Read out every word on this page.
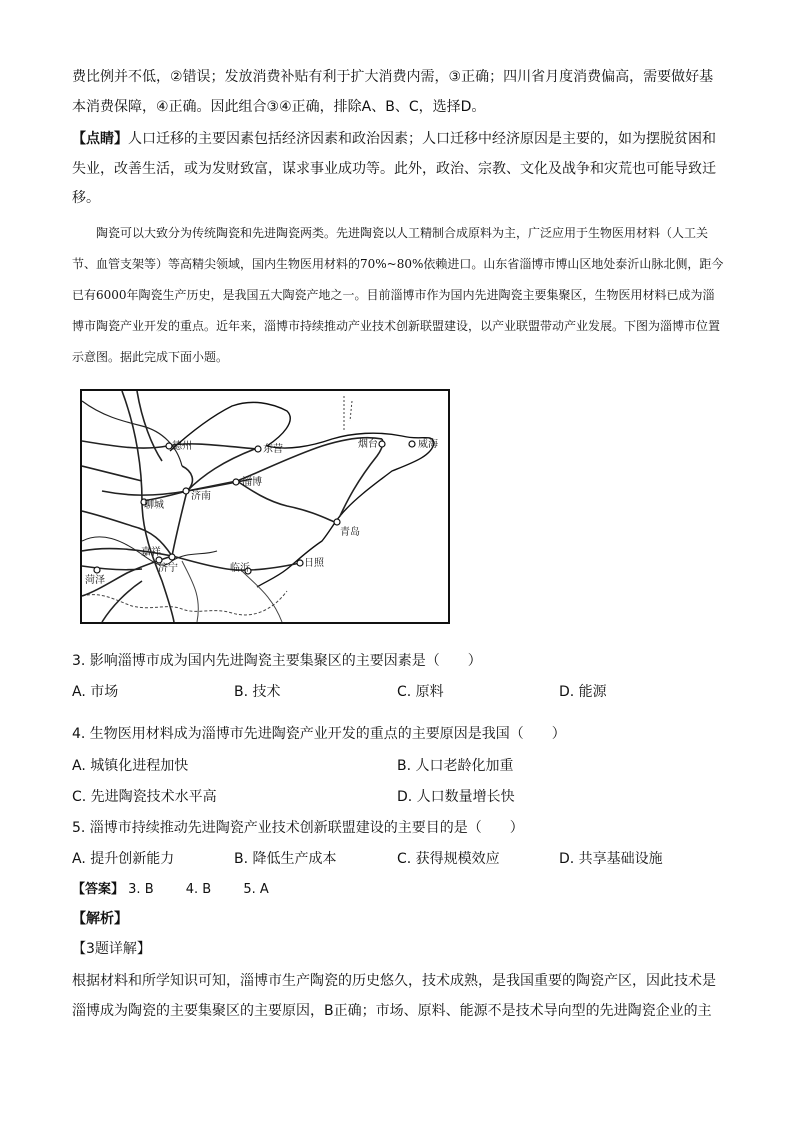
费比例并不低，②错误；发放消费补贴有利于扩大消费内需，③正确；四川省月度消费偏高，需要做好基本消费保障，④正确。因此组合③④正确，排除A、B、C，选择D。

【点睛】人口迁移的主要因素包括经济因素和政治因素；人口迁移中经济原因是主要的，如为摆脱贫困和失业，改善生活，或为发财致富，谋求事业成功等。此外，政治、宗教、文化及战争和灾荒也可能导致迁移。

陶瓷可以大致分为传统陶瓷和先进陶瓷两类。先进陶瓷以人工精制合成原料为主，广泛应用于生物医用材料（人工关节、血管支架等）等高精尖领域，国内生物医用材料的70%~80%依赖进口。山东省淄博市博山区地处泰沂山脉北侧，距今已有6000年陶瓷生产历史，是我国五大陶瓷产地之一。目前淄博市作为国内先进陶瓷主要集聚区，生物医用材料已成为淄博市陶瓷产业开发的重点。近年来，淄博市持续推动产业技术创新联盟建设，以产业联盟带动产业发展。下图为淄博市位置示意图。据此完成下面小题。

德州	东营	烟台	威海
淄博
济南
聊城
青岛
嘉祥
济宁
菏泽
临沂	日照

3. 影响淄博市成为国内先进陶瓷主要集聚区的主要因素是（　　）

A. 市场	B. 技术	C. 原料	D. 能源

4. 生物医用材料成为淄博市先进陶瓷产业开发的重点的主要原因是我国（　　）

A. 城镇化进程加快	B. 人口老龄化加重
C. 先进陶瓷技术水平高	D. 人口数量增长快

5. 淄博市持续推动先进陶瓷产业技术创新联盟建设的主要目的是（　　）

A. 提升创新能力	B. 降低生产成本	C. 获得规模效应	D. 共享基础设施
【答案】 3. B 4. B 5. A

【解析】

【3题详解】

根据材料和所学知识可知，淄博市生产陶瓷的历史悠久，技术成熟，是我国重要的陶瓷产区，因此技术是淄博成为陶瓷的主要集聚区的主要原因，B正确；市场、原料、能源不是技术导向型的先进陶瓷企业的主
